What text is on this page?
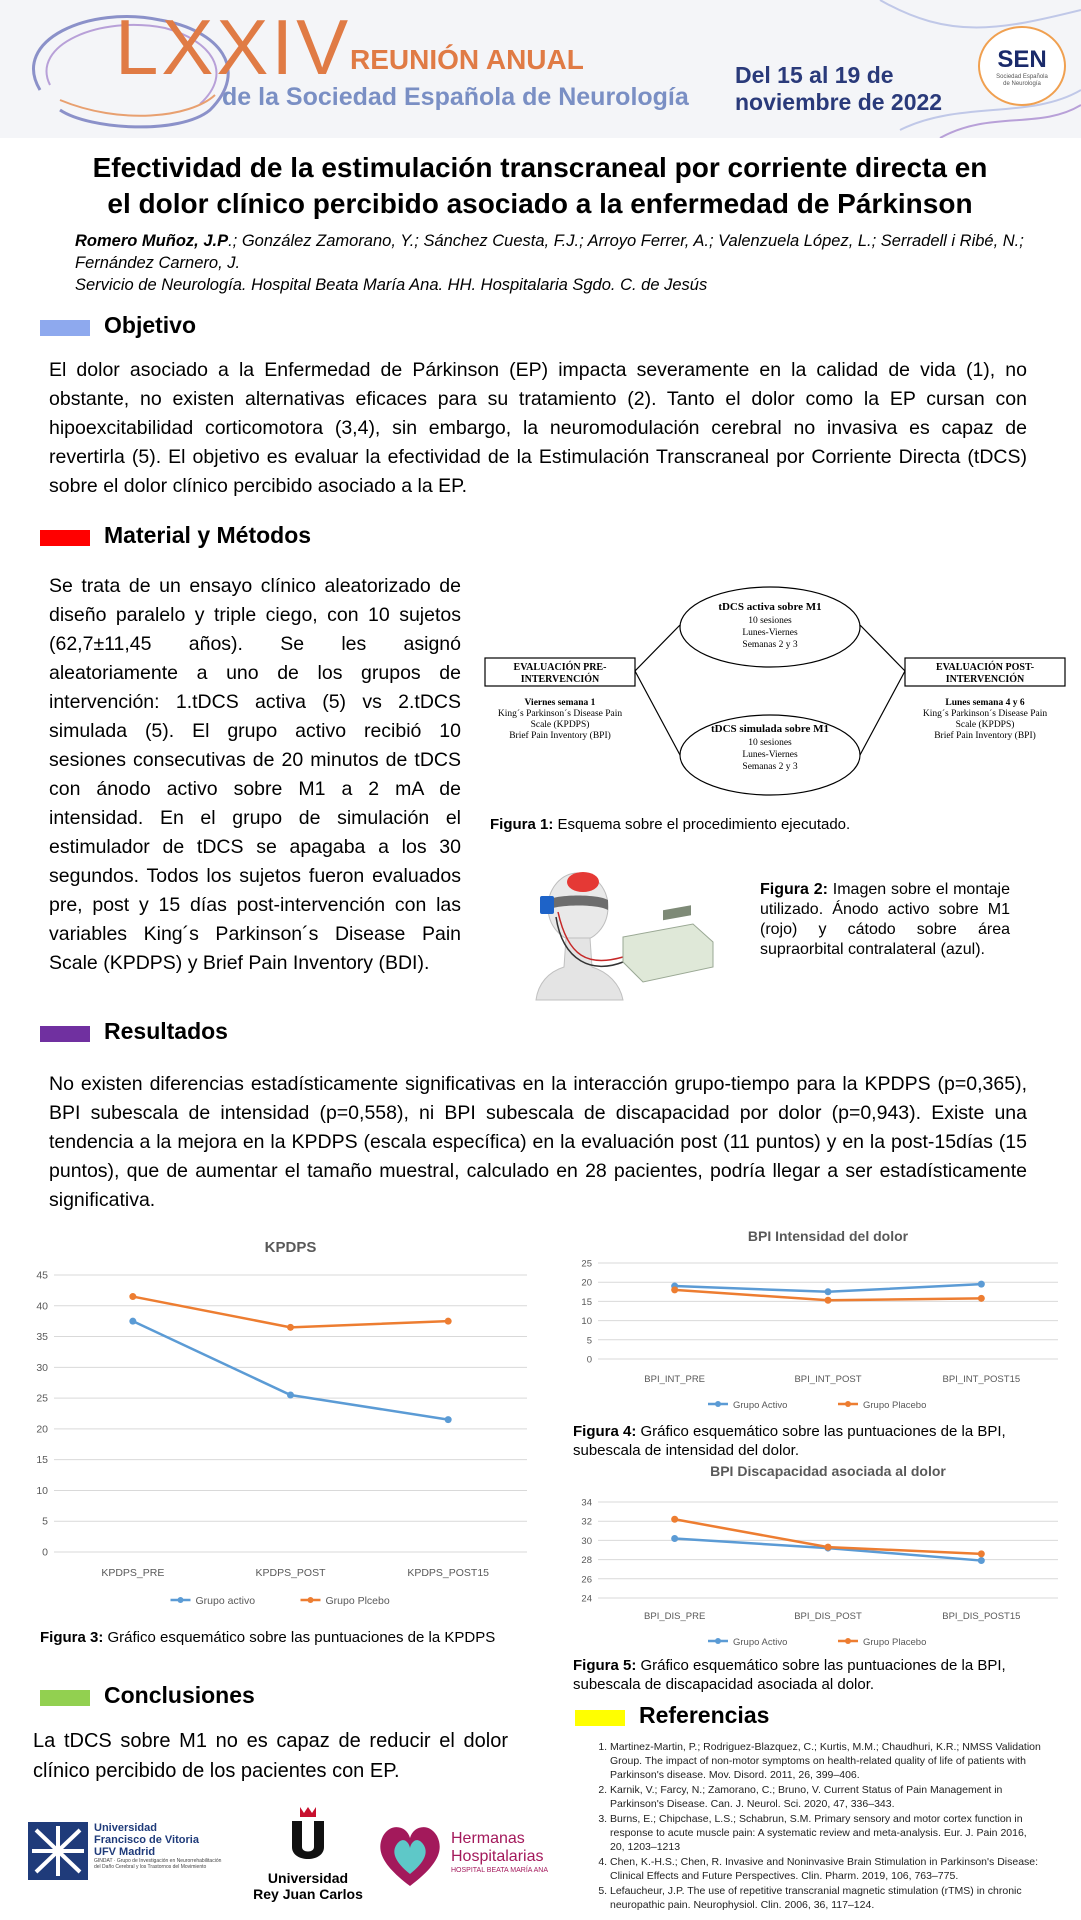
LXXIV
REUNIÓN ANUAL
de la Sociedad Española de Neurología
Del 15 al 19 de
noviembre de 2022
SEN
Sociedad Española
de Neurología
Efectividad de la estimulación transcraneal por corriente directa en
el dolor clínico percibido asociado a la enfermedad de Párkinson
Romero Muñoz, J.P.; González Zamorano, Y.; Sánchez Cuesta, F.J.; Arroyo Ferrer, A.; Valenzuela López, L.; Serradell i Ribé, N.; Fernández Carnero, J.
Servicio de Neurología. Hospital Beata María Ana. HH. Hospitalaria Sgdo. C. de Jesús
Objetivo
El dolor asociado a la Enfermedad de Párkinson (EP) impacta severamente en la calidad de vida (1), no obstante, no existen alternativas eficaces para su tratamiento (2). Tanto el dolor como la EP cursan con hipoexcitabilidad corticomotora (3,4), sin embargo, la neuromodulación cerebral no invasiva es capaz de revertirla (5). El objetivo es evaluar la efectividad de la Estimulación Transcraneal por Corriente Directa (tDCS) sobre el dolor clínico percibido asociado a la EP.
Material y Métodos
Se trata de un ensayo clínico aleatorizado de diseño paralelo y triple ciego, con 10 sujetos (62,7±11,45 años). Se les asignó aleatoriamente a uno de los grupos de intervención: 1.tDCS activa (5) vs 2.tDCS simulada (5). El grupo activo recibió 10 sesiones consecutivas de 20 minutos de tDCS con ánodo activo sobre M1 a 2 mA de intensidad. En el grupo de simulación el estimulador de tDCS se apagaba a los 30 segundos. Todos los sujetos fueron evaluados pre, post y 15 días post-intervención con las variables King´s Parkinson´s Disease Pain Scale (KPDPS) y Brief Pain Inventory (BDI).
EVALUACIÓN PRE-
INTERVENCIÓN
Viernes semana 1
King´s Parkinson´s Disease Pain
Scale (KPDPS)
Brief Pain Inventory (BPI)
tDCS activa sobre M1
10 sesiones
Lunes-Viernes
Semanas 2 y 3
tDCS simulada sobre M1
10 sesiones
Lunes-Viernes
Semanas 2 y 3
EVALUACIÓN POST-
INTERVENCIÓN
Lunes semana 4 y 6
King´s Parkinson´s Disease Pain
Scale (KPDPS)
Brief Pain Inventory (BPI)
Figura 1: Esquema sobre el procedimiento ejecutado.
Figura 2: Imagen sobre el montaje utilizado. Ánodo activo sobre M1 (rojo) y cátodo sobre área supraorbital contralateral (azul).
Resultados
No existen diferencias estadísticamente significativas en la interacción grupo-tiempo para la KPDPS (p=0,365), BPI subescala de intensidad (p=0,558), ni BPI subescala de discapacidad por dolor (p=0,943). Existe una tendencia a la mejora en la KPDPS (escala específica) en la evaluación post (11 puntos) y en la post-15días (15 puntos), que de aumentar el tamaño muestral, calculado en 28 pacientes, podría llegar a ser estadísticamente significativa.
KPDPS
0
5
10
15
20
25
30
35
40
45
KPDPS_PRE	KPDPS_POST	KPDPS_POST15
Grupo activo	Grupo Plcebo
Figura 3: Gráfico esquemático sobre las puntuaciones de la KPDPS
BPI Intensidad del dolor
0
5
10
15
20
25
BPI_INT_PRE	BPI_INT_POST	BPI_INT_POST15
Grupo Activo	Grupo Placebo
Figura 4: Gráfico esquemático sobre las puntuaciones de la BPI, subescala de intensidad del dolor.
BPI Discapacidad asociada al dolor
24
26
28
30
32
34
BPI_DIS_PRE	BPI_DIS_POST	BPI_DIS_POST15
Grupo Activo	Grupo Placebo
Figura 5: Gráfico esquemático sobre las puntuaciones de la BPI, subescala de discapacidad asociada al dolor.
Conclusiones
La tDCS sobre M1 no es capaz de reducir el dolor clínico percibido de los pacientes con EP.
Referencias
1. Martinez-Martin, P.; Rodriguez-Blazquez, C.; Kurtis, M.M.; Chaudhuri, K.R.; NMSS Validation Group. The impact of non-motor symptoms on health-related quality of life of patients with Parkinson's disease. Mov. Disord. 2011, 26, 399–406.
2. Karnik, V.; Farcy, N.; Zamorano, C.; Bruno, V. Current Status of Pain Management in Parkinson's Disease. Can. J. Neurol. Sci. 2020, 47, 336–343.
3. Burns, E.; Chipchase, L.S.; Schabrun, S.M. Primary sensory and motor cortex function in response to acute muscle pain: A systematic review and meta-analysis. Eur. J. Pain 2016, 20, 1203–1213
4. Chen, K.-H.S.; Chen, R. Invasive and Noninvasive Brain Stimulation in Parkinson's Disease: Clinical Effects and Future Perspectives. Clin. Pharm. 2019, 106, 763–775.
5. Lefaucheur, J.P. The use of repetitive transcranial magnetic stimulation (rTMS) in chronic neuropathic pain. Neurophysiol. Clin. 2006, 36, 117–124.
Universidad
Francisco de Vitoria
UFV Madrid
GINDAT · Grupo de Investigación en Neurorrehabilitación del Daño Cerebral y los Trastornos del Movimiento
Universidad
Rey Juan Carlos
Hermanas
Hospitalarias
HOSPITAL BEATA MARÍA ANA
